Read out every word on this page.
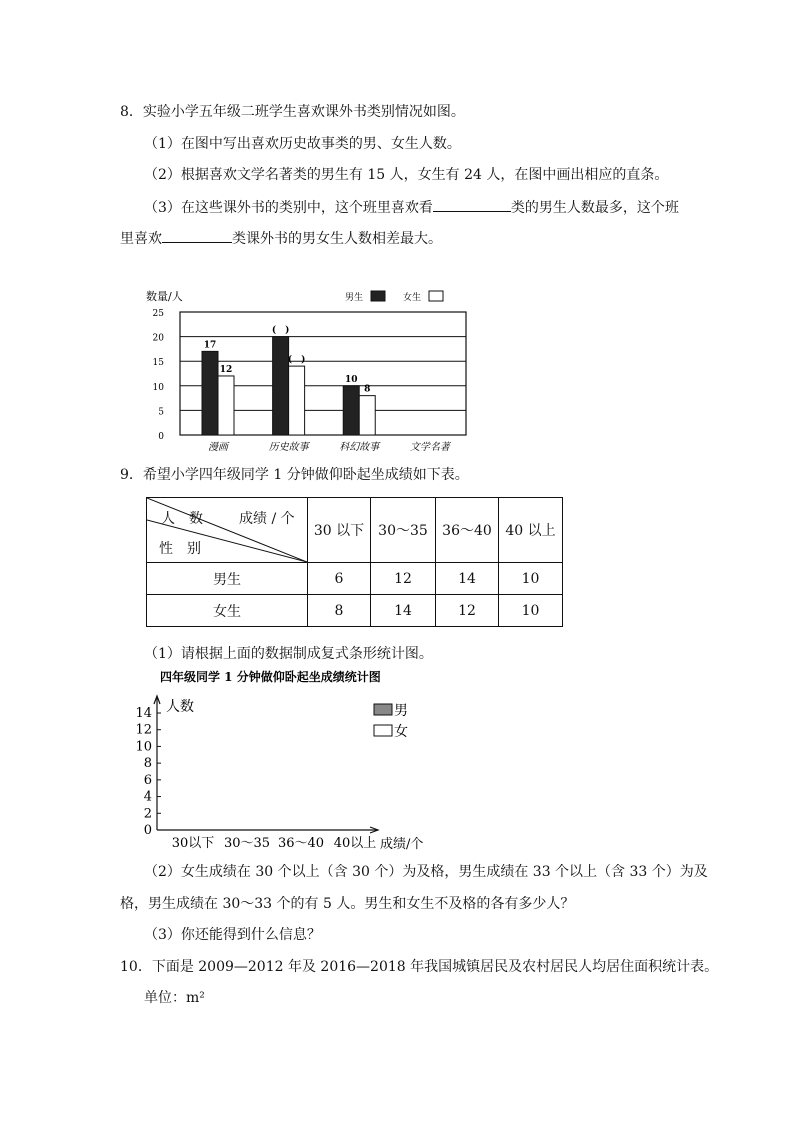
8．实验小学五年级二班学生喜欢课外书类别情况如图。
（1）在图中写出喜欢历史故事类的男、女生人数。
（2）根据喜欢文学名著类的男生有 15 人，女生有 24 人，在图中画出相应的直条。
（3）在这些课外书的类别中，这个班里喜欢看	类的男生人数最多，这个班
里喜欢	类课外书的男女生人数相差最大。
数量/人	男生	女生
0
5
10
15
20
25
17
12
(　)
(　)
10
8
漫画	历史故事	科幻故事	文学名著
9．希望小学四年级同学 1 分钟做仰卧起坐成绩如下表。
人　数 成绩 / 个
性　别	30 以下	30～35	36～40	40 以上
男生	6	12	14	10
女生	8	14	12	10
（1）请根据上面的数据制成复式条形统计图。
四年级同学 1 分钟做仰卧起坐成绩统计图
0
2
4
6
8
10
12
14
30以下 30～35 36～40 40以上
人数
成绩/个
男
女
（2）女生成绩在 30 个以上（含 30 个）为及格，男生成绩在 33 个以上（含 33 个）为及
格，男生成绩在 30～33 个的有 5 人。男生和女生不及格的各有多少人？
（3）你还能得到什么信息？
10．下面是 2009—2012 年及 2016—2018 年我国城镇居民及农村居民人均居住面积统计表。
单位：m²
